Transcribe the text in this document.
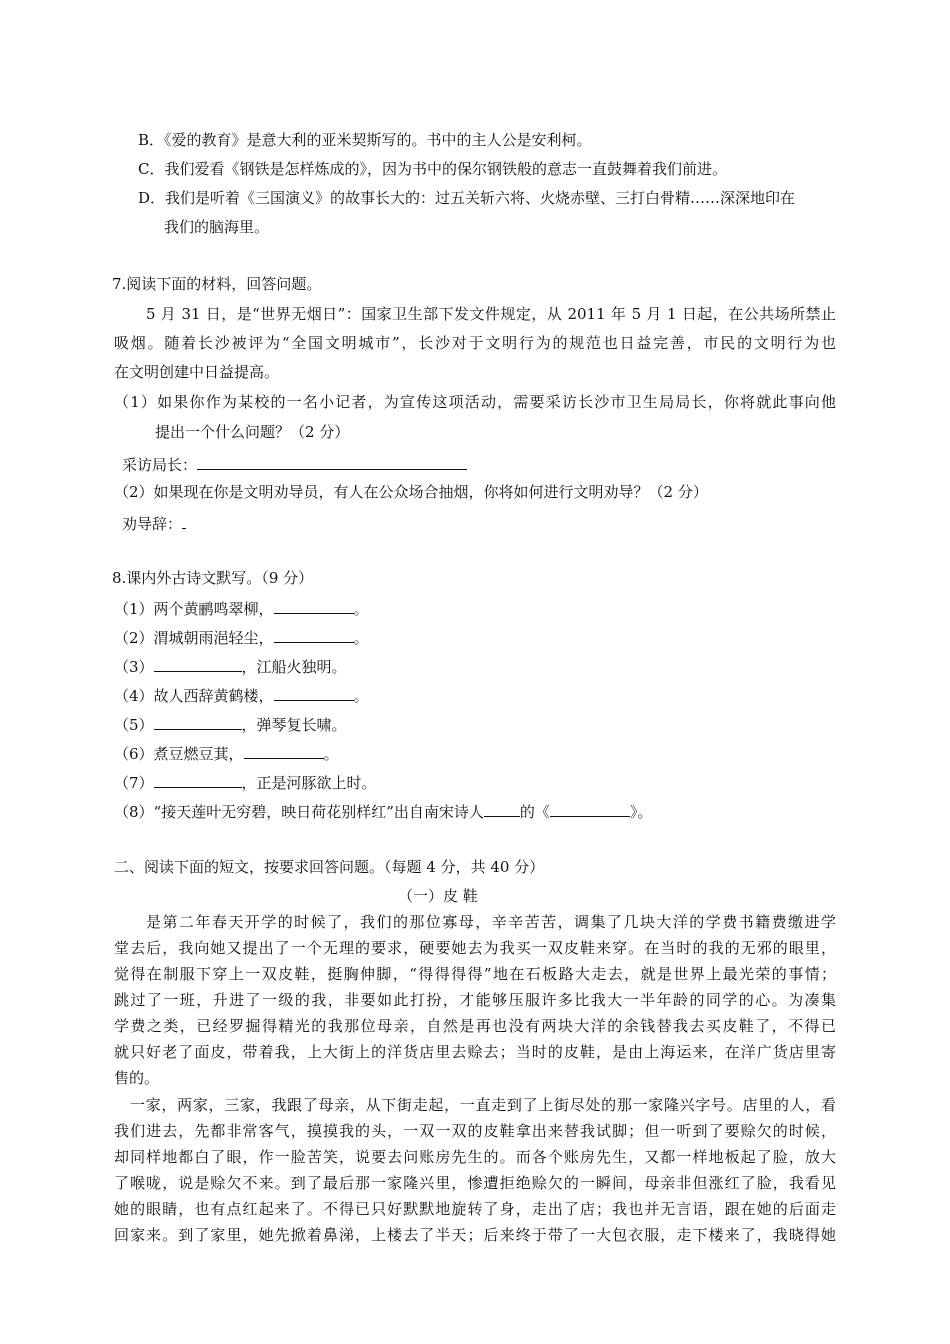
B．《爱的教育》是意大利的亚米契斯写的。书中的主人公是安利柯。
C．我们爱看《钢铁是怎样炼成的》，因为书中的保尔钢铁般的意志一直鼓舞着我们前进。
D．我们是听着《三国演义》的故事长大的：过五关斩六将、火烧赤壁、三打白骨精……深深地印在
我们的脑海里。
7.阅读下面的材料，回答问题。
5 月 31 日，是“世界无烟日”：国家卫生部下发文件规定，从 2011 年 5 月 1 日起，在公共场所禁止
吸烟。随着长沙被评为“全国文明城市”，长沙对于文明行为的规范也日益完善，市民的文明行为也
在文明创建中日益提高。
（1）如果你作为某校的一名小记者，为宣传这项活动，需要采访长沙市卫生局局长，你将就此事向他
提出一个什么问题？（2 分）
采访局长：
（2）如果现在你是文明劝导员，有人在公众场合抽烟，你将如何进行文明劝导？（2 分）
劝导辞：
8.课内外古诗文默写。（9 分）
（1）两个黄鹂鸣翠柳，	。
（2）渭城朝雨浥轻尘，	。
（3）	，江船火独明。
（4）故人西辞黄鹤楼，	。
（5）	，弹琴复长啸。
（6）煮豆燃豆萁，	。
（7）	，正是河豚欲上时。
（8）“接天莲叶无穷碧，映日荷花别样红”出自南宋诗人 的《	》。
二、阅读下面的短文，按要求回答问题。（每题 4 分，共 40 分）
（一）皮 鞋
是第二年春天开学的时候了，我们的那位寡母，辛辛苦苦，调集了几块大洋的学费书籍费缴进学
堂去后，我向她又提出了一个无理的要求，硬要她去为我买一双皮鞋来穿。在当时的我的无邪的眼里，
觉得在制服下穿上一双皮鞋，挺胸伸脚，“得得得得”地在石板路大走去，就是世界上最光荣的事情；
跳过了一班，升进了一级的我，非要如此打扮，才能够压服许多比我大一半年龄的同学的心。为凑集
学费之类，已经罗掘得精光的我那位母亲，自然是再也没有两块大洋的余钱替我去买皮鞋了，不得已
就只好老了面皮，带着我，上大街上的洋货店里去赊去；当时的皮鞋，是由上海运来，在洋广货店里寄
售的。
一家，两家，三家，我跟了母亲，从下街走起，一直走到了上街尽处的那一家隆兴字号。店里的人，看
我们进去，先都非常客气，摸摸我的头，一双一双的皮鞋拿出来替我试脚；但一听到了要赊欠的时候，
却同样地都白了眼，作一脸苦笑，说要去问账房先生的。而各个账房先生，又都一样地板起了脸，放大
了喉咙，说是赊欠不来。到了最后那一家隆兴里，惨遭拒绝赊欠的一瞬间，母亲非但涨红了脸，我看见
她的眼睛，也有点红起来了。不得已只好默默地旋转了身，走出了店；我也并无言语，跟在她的后面走
回家来。到了家里，她先掀着鼻涕，上楼去了半天；后来终于带了一大包衣服，走下楼来了，我晓得她
